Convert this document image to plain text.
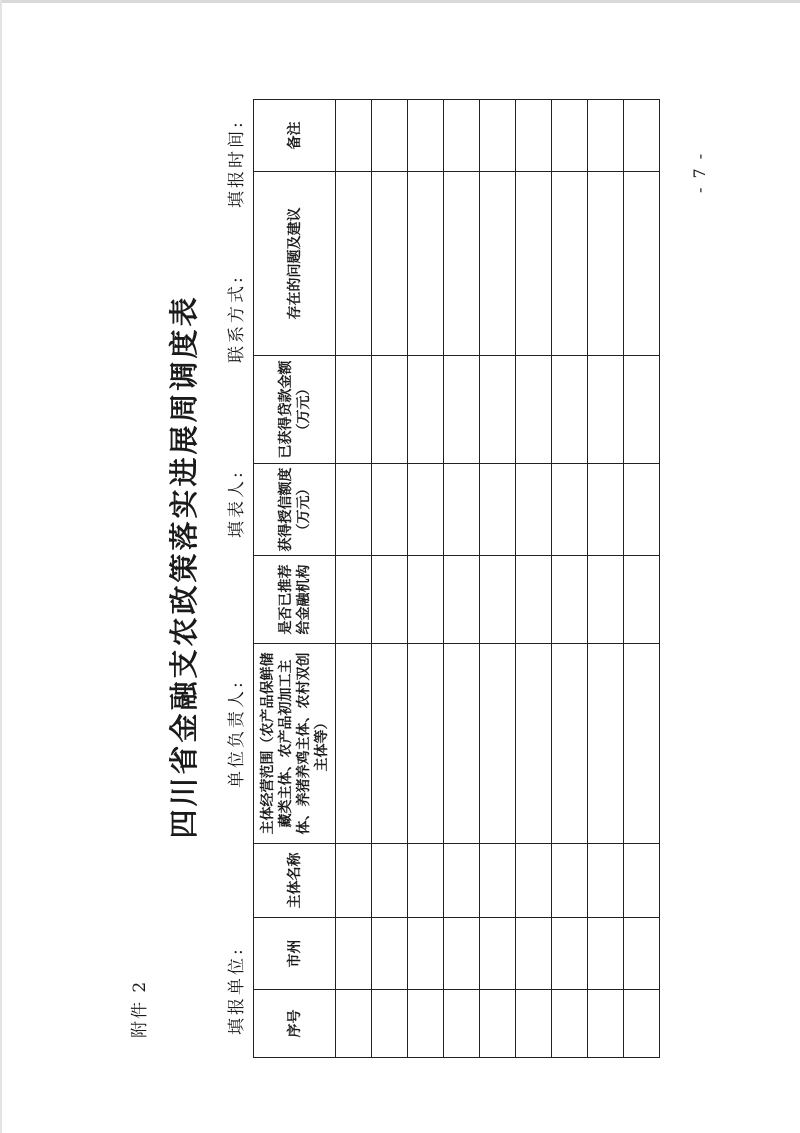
附件 2
四川省金融支农政策落实进展周调度表
填报单位:
单位负责人:
填表人:
联系方式:
填报时间:
序号	市州	主体名称	主体经营范围（农产品保鲜储藏类主体、农产品初加工主体、养猪养鸡主体、农村双创主体等）	是否已推荐给金融机构	获得授信额度（万元）	已获得贷款金额（万元）	存在的问题及建议	备注

- 7 -
